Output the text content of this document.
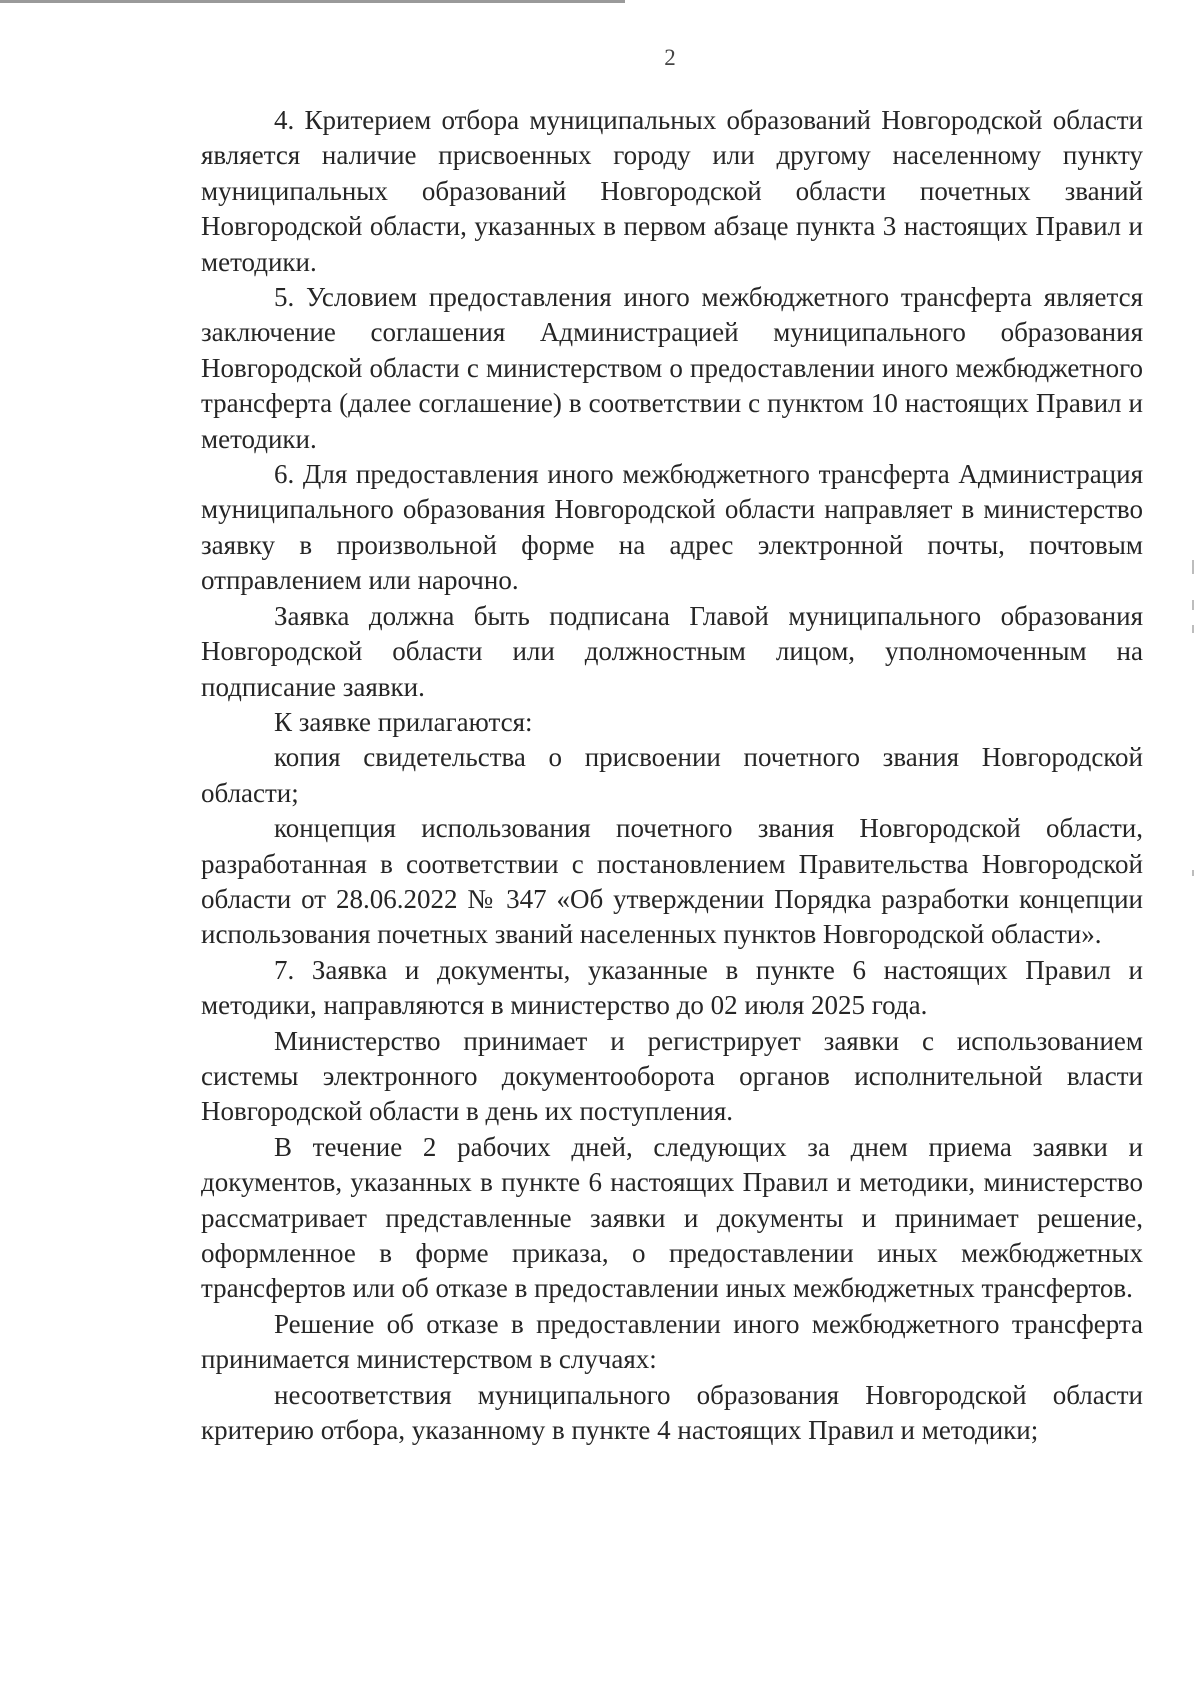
2

4. Критерием отбора муниципальных образований Новгородской области является наличие присвоенных городу или другому населенному пункту муниципальных образований Новгородской области почетных званий Новгородской области, указанных в первом абзаце пункта 3 настоящих Правил и методики.

5. Условием предоставления иного межбюджетного трансферта является заключение соглашения Администрацией муниципального образования Новгородской области с министерством о предоставлении иного межбюджетного трансферта (далее соглашение) в соответствии с пунктом 10 настоящих Правил и методики.

6. Для предоставления иного межбюджетного трансферта Администрация муниципального образования Новгородской области направляет в министерство заявку в произвольной форме на адрес электронной почты, почтовым отправлением или нарочно.

Заявка должна быть подписана Главой муниципального образования Новгородской области или должностным лицом, уполномоченным на подписание заявки.

К заявке прилагаются:

копия свидетельства о присвоении почетного звания Новгородской области;

концепция использования почетного звания Новгородской области, разработанная в соответствии с постановлением Правительства Новгородской области от 28.06.2022 № 347 «Об утверждении Порядка разработки концепции использования почетных званий населенных пунктов Новгородской области».

7. Заявка и документы, указанные в пункте 6 настоящих Правил и методики, направляются в министерство до 02 июля 2025 года.

Министерство принимает и регистрирует заявки с использованием системы электронного документооборота органов исполнительной власти Новгородской области в день их поступления.

В течение 2 рабочих дней, следующих за днем приема заявки и документов, указанных в пункте 6 настоящих Правил и методики, министерство рассматривает представленные заявки и документы и принимает решение, оформленное в форме приказа, о предоставлении иных межбюджетных трансфертов или об отказе в предоставлении иных межбюджетных трансфертов.

Решение об отказе в предоставлении иного межбюджетного трансферта принимается министерством в случаях:

несоответствия муниципального образования Новгородской области критерию отбора, указанному в пункте 4 настоящих Правил и методики;
